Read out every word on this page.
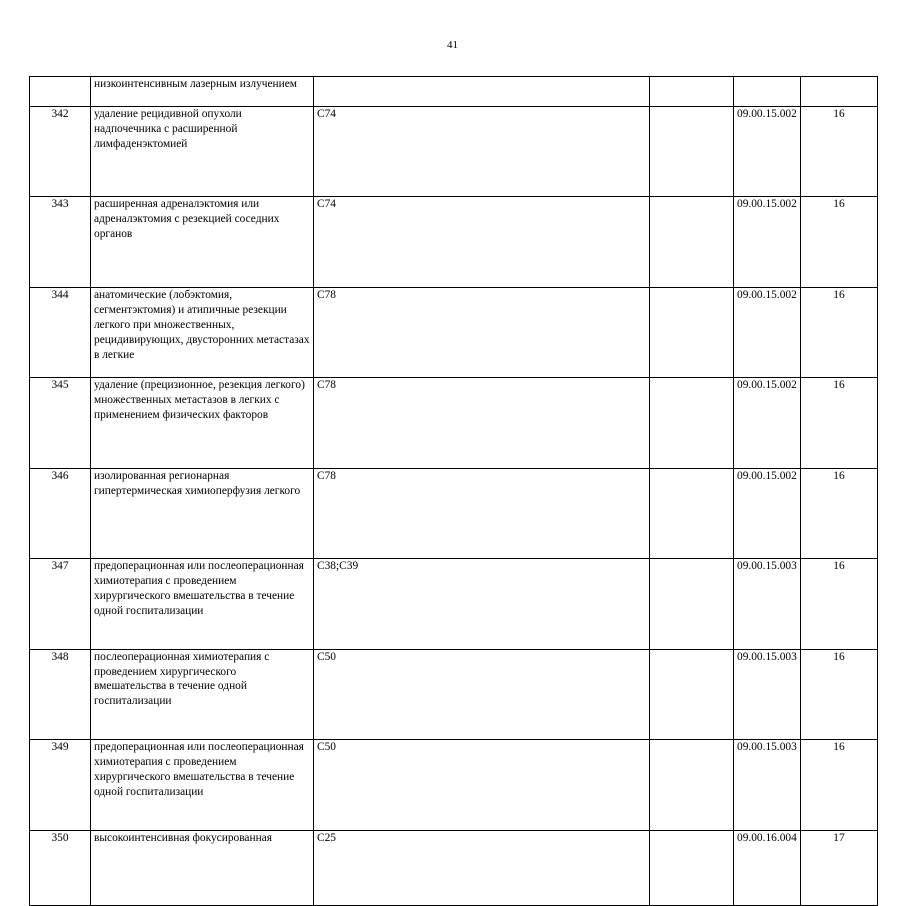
41
	низкоинтенсивным лазерным излучением					
342	удаление рецидивной опухоли надпочечника с расширенной лимфаденэктомией	C74		09.00.15.002	16	
343	расширенная адреналэктомия или адреналэктомия с резекцией соседних органов	C74		09.00.15.002	16	
344	анатомические (лобэктомия, сегментэктомия) и атипичные резекции легкого при множественных, рецидивирующих, двусторонних метастазах в легкие	C78		09.00.15.002	16	
345	удаление (прецизионное, резекция легкого) множественных метастазов в легких с применением физических факторов	C78		09.00.15.002	16	
346	изолированная регионарная гипертермическая химиоперфузия легкого	C78		09.00.15.002	16	
347	предоперационная или послеоперационная химиотерапия с проведением хирургического вмешательства в течение одной госпитализации	C38;C39		09.00.15.003	16	
348	послеоперационная химиотерапия с проведением хирургического вмешательства в течение одной госпитализации	C50		09.00.15.003	16	
349	предоперационная или послеоперационная химиотерапия с проведением хирургического вмешательства в течение одной госпитализации	C50		09.00.15.003	16	
350	высокоинтенсивная фокусированная	C25		09.00.16.004	17	
